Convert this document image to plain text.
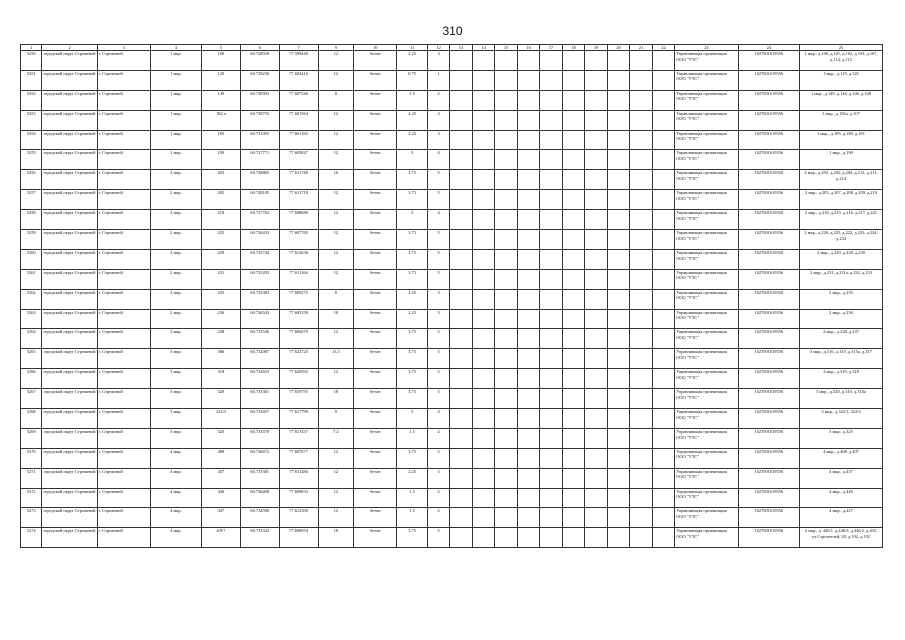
310
1	2	3	4	5	6	7	9	10	11	12	13	14	15	16	17	18	19	20	21	22	23	24	25
5250	городской округ Стрежевой	г. Стрежевой	1 мкр.	100	60.728038	77.599440	12	бетон	2.25	3											Управляющая организация ООО "УТС"	1027001619556	1 мкр., д.100, д.101, д.102, д.103, д.107, д.114, д.115
5251	городской округ Стрежевой	г. Стрежевой	1 мкр.	120	60.729230	77.603416	12	бетон	0.75	1											Управляющая организация ООО "УТС"	1027001619556	1 мкр., д.119, д.120
5252	городской округ Стрежевой	г. Стрежевой	1 мкр.	149	60.730993	77.607546	8	бетон	1.5	2											Управляющая организация ООО "УТС"	1027001619556	1 мкр., д.149, д.144, д.146, д.148
5253	городской округ Стрежевой	г. Стрежевой	1 мкр.	182 а	60.728755	77.601564	12	бетон	2.25	3											Управляющая организация ООО "УТС"	1027001619556	1 мкр., д.182а, д.107
5254	городской округ Стрежевой	г. Стрежевой	1 мкр.	185	60.731095	77.601182	12	бетон	2.25	3											Управляющая организация ООО "УТС"	1027001619556	1 мкр., д.185, д.189, д.181
5255	городской округ Стрежевой	г. Стрежевой	1 мкр.	190	60.727771	77.605027	12	бетон	3	4											Управляющая организация ООО "УТС"	1027001619556	1 мкр., д.190
5256	городской округ Стрежевой	г. Стрежевой	2 мкр.	203	60.728865	77.611748	16	бетон	3.75	5											Управляющая организация ООО "УТС"	1027001619556	2 мкр., д.203, д.202, д.204, д.212, д.213, д.214
5257	городской округ Стрежевой	г. Стрежевой	2 мкр.	205	60.728105	77.613718	12	бетон	3.75	5											Управляющая организация ООО "УТС"	1027001619556	2 мкр., д.205, д.207, д.208, д.209, д.210
5258	городской округ Стрежевой	г. Стрежевой	2 мкр.	218	60.727762	77.608686	12	бетон	3	4											Управляющая организация ООО "УТС"	1027001619556	2 мкр., д.218, д.215, д.216, д.217, д.221
5259	городской округ Стрежевой	г. Стрежевой	2 мкр.	225	60.726433	77.607765	12	бетон	3.75	5											Управляющая организация ООО "УТС"	1027001619556	2 мкр., д.226, д.225, д.222, д.223, д.224, д.234
5260	городской округ Стрежевой	г. Стрежевой	2 мкр.	229	60.725744	77.612636	12	бетон	3.75	5											Управляющая организация ООО "УТС"	1027001619556	2 мкр., д.229, д.228, д.230
5261	городской округ Стрежевой	г. Стрежевой	2 мкр.	231	60.725205	77.611164	12	бетон	3.75	5											Управляющая организация ООО "УТС"	1027001619556	2 мкр., д.231, д.231а, д.232, д.233
5262	городской округ Стрежевой	г. Стрежевой	2 мкр.	235	60.725383	77.609275	8	бетон	2.25	3											Управляющая организация ООО "УТС"	1027001619556	2 мкр., д.235
5263	городской округ Стрежевой	г. Стрежевой	2 мкр.	236	60.726543	77.605158	10	бетон	2.25	3											Управляющая организация ООО "УТС"	1027001619556	2 мкр., д.236
5264	городской округ Стрежевой	г. Стрежевой	2 мкр.	238	60.725546	77.606079	12	бетон	3.75	5											Управляющая организация ООО "УТС"	1027001619556	2 мкр., д.238, д.237
5265	городской округ Стрежевой	г. Стрежевой	3 мкр.	306	60.732087	77.622725	13.5	бетон	3.75	5											Управляющая организация ООО "УТС"	1027001619556	3 мкр., д.316, д.315, д.315а, д.317
5266	городской округ Стрежевой	г. Стрежевой	3 мкр.	318	60.732653	77.620392	12	бетон	3.75	5											Управляющая организация ООО "УТС"	1027001619556	3 мкр., д.319, д.318
5267	городской округ Стрежевой	г. Стрежевой	3 мкр.	320	60.733301	77.619755	18	бетон	3.75	5											Управляющая организация ООО "УТС"	1027001619556	3 мкр., д.320, д.310, д.310а
5268	городской округ Стрежевой	г. Стрежевой	3 мкр.	322/3	60.733457	77.617799	9	бетон	3	4											Управляющая организация ООО "УТС"	1027001619556	3 мкр., д.322/1, 322/3
5269	городской округ Стрежевой	г. Стрежевой	3 мкр.	325	60.733570	77.617437	7.2	бетон	1.5	2											Управляющая организация ООО "УТС"	1027001619556	3 мкр., д.325
5270	городской округ Стрежевой	г. Стрежевой	4 мкр.	408	60.736672	77.607077	12	бетон	3.75	5											Управляющая организация ООО "УТС"	1027001619556	4 мкр., д.408, д.407
5271	городской округ Стрежевой	г. Стрежевой	4 мкр.	437	60.735381	77.611286	12	бетон	2.25	3											Управляющая организация ООО "УТС"	1027001619556	4 мкр., д.437
5272	городской округ Стрежевой	г. Стрежевой	4 мкр.	446	60.736408	77.609633	12	бетон	1.5	2											Управляющая организация ООО "УТС"	1027001619556	4 мкр., д.446
5273	городской округ Стрежевой	г. Стрежевой	4 мкр.	447	60.734590	77.612300	12	бетон	1.5	2											Управляющая организация ООО "УТС"	1027001619556	4 мкр., д.447
5274	городской округ Стрежевой	г. Стрежевой	4 мкр.	4/9/7	60.733342	77.608054	18	бетон	3.75	5											Управляющая организация ООО "УТС"	1027001619556	4 мкр., д. 446/1, д.446/3, д.446/2, д.435, ул.Строителей, 28, д.192, д.192
